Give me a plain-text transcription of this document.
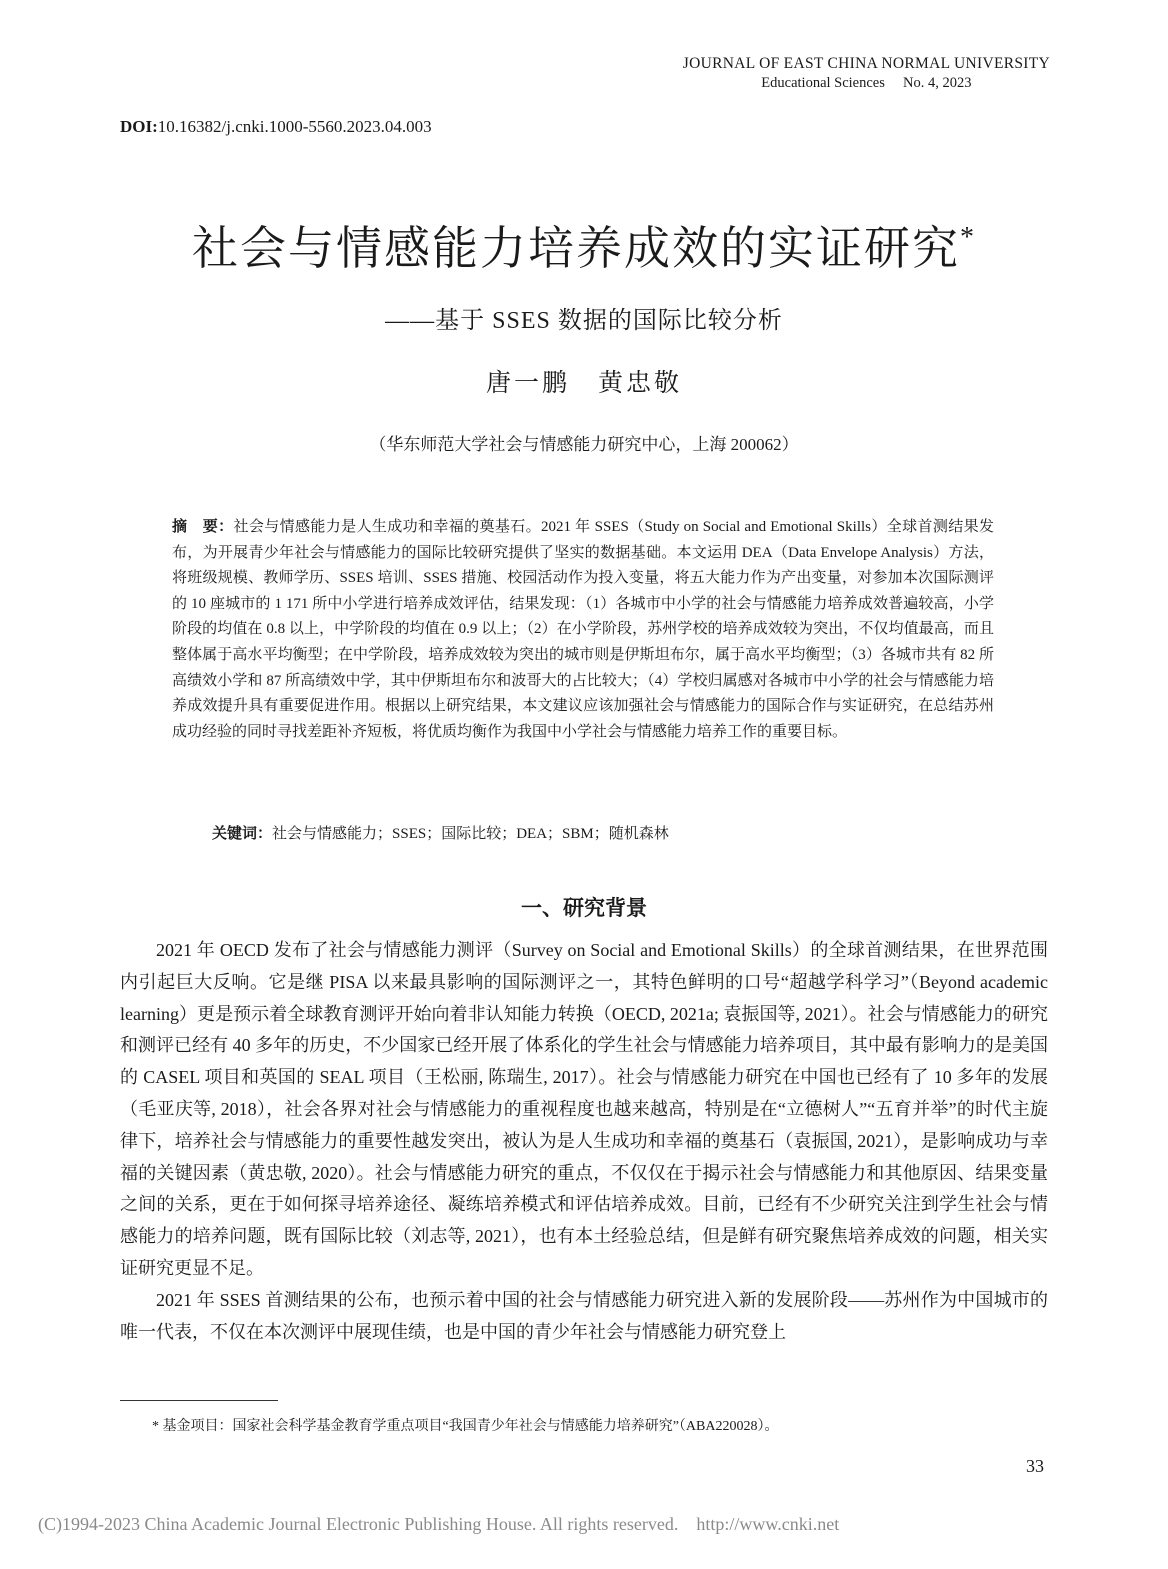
JOURNAL OF EAST CHINA NORMAL UNIVERSITY
Educational Sciences     No. 4, 2023
DOI:10.16382/j.cnki.1000-5560.2023.04.003
社会与情感能力培养成效的实证研究*
——基于 SSES 数据的国际比较分析
唐一鹏　黄忠敬
（华东师范大学社会与情感能力研究中心，上海 200062）
摘　要：社会与情感能力是人生成功和幸福的奠基石。2021 年 SSES（Study on Social and Emotional Skills）全球首测结果发布，为开展青少年社会与情感能力的国际比较研究提供了坚实的数据基础。本文运用 DEA（Data Envelope Analysis）方法，将班级规模、教师学历、SSES 培训、SSES 措施、校园活动作为投入变量，将五大能力作为产出变量，对参加本次国际测评的 10 座城市的 1 171 所中小学进行培养成效评估，结果发现：（1）各城市中小学的社会与情感能力培养成效普遍较高，小学阶段的均值在 0.8 以上，中学阶段的均值在 0.9 以上；（2）在小学阶段，苏州学校的培养成效较为突出，不仅均值最高，而且整体属于高水平均衡型；在中学阶段，培养成效较为突出的城市则是伊斯坦布尔，属于高水平均衡型；（3）各城市共有 82 所高绩效小学和 87 所高绩效中学，其中伊斯坦布尔和波哥大的占比较大；（4）学校归属感对各城市中小学的社会与情感能力培养成效提升具有重要促进作用。根据以上研究结果，本文建议应该加强社会与情感能力的国际合作与实证研究，在总结苏州成功经验的同时寻找差距补齐短板，将优质均衡作为我国中小学社会与情感能力培养工作的重要目标。
关键词：社会与情感能力；SSES；国际比较；DEA；SBM；随机森林
一、研究背景

2021 年 OECD 发布了社会与情感能力测评（Survey on Social and Emotional Skills）的全球首测结果，在世界范围内引起巨大反响。它是继 PISA 以来最具影响的国际测评之一，其特色鲜明的口号“超越学科学习”（Beyond academic learning）更是预示着全球教育测评开始向着非认知能力转换（OECD, 2021a; 袁振国等, 2021）。社会与情感能力的研究和测评已经有 40 多年的历史，不少国家已经开展了体系化的学生社会与情感能力培养项目，其中最有影响力的是美国的 CASEL 项目和英国的 SEAL 项目（王松丽, 陈瑞生, 2017）。社会与情感能力研究在中国也已经有了 10 多年的发展（毛亚庆等, 2018），社会各界对社会与情感能力的重视程度也越来越高，特别是在“立德树人”“五育并举”的时代主旋律下，培养社会与情感能力的重要性越发突出，被认为是人生成功和幸福的奠基石（袁振国, 2021），是影响成功与幸福的关键因素（黄忠敬, 2020）。社会与情感能力研究的重点，不仅仅在于揭示社会与情感能力和其他原因、结果变量之间的关系，更在于如何探寻培养途径、凝练培养模式和评估培养成效。目前，已经有不少研究关注到学生社会与情感能力的培养问题，既有国际比较（刘志等, 2021），也有本土经验总结，但是鲜有研究聚焦培养成效的问题，相关实证研究更显不足。

2021 年 SSES 首测结果的公布，也预示着中国的社会与情感能力研究进入新的发展阶段——苏州作为中国城市的唯一代表，不仅在本次测评中展现佳绩，也是中国的青少年社会与情感能力研究登上

* 基金项目：国家社会科学基金教育学重点项目“我国青少年社会与情感能力培养研究”（ABA220028）。
33
(C)1994-2023 China Academic Journal Electronic Publishing House. All rights reserved.    http://www.cnki.net
